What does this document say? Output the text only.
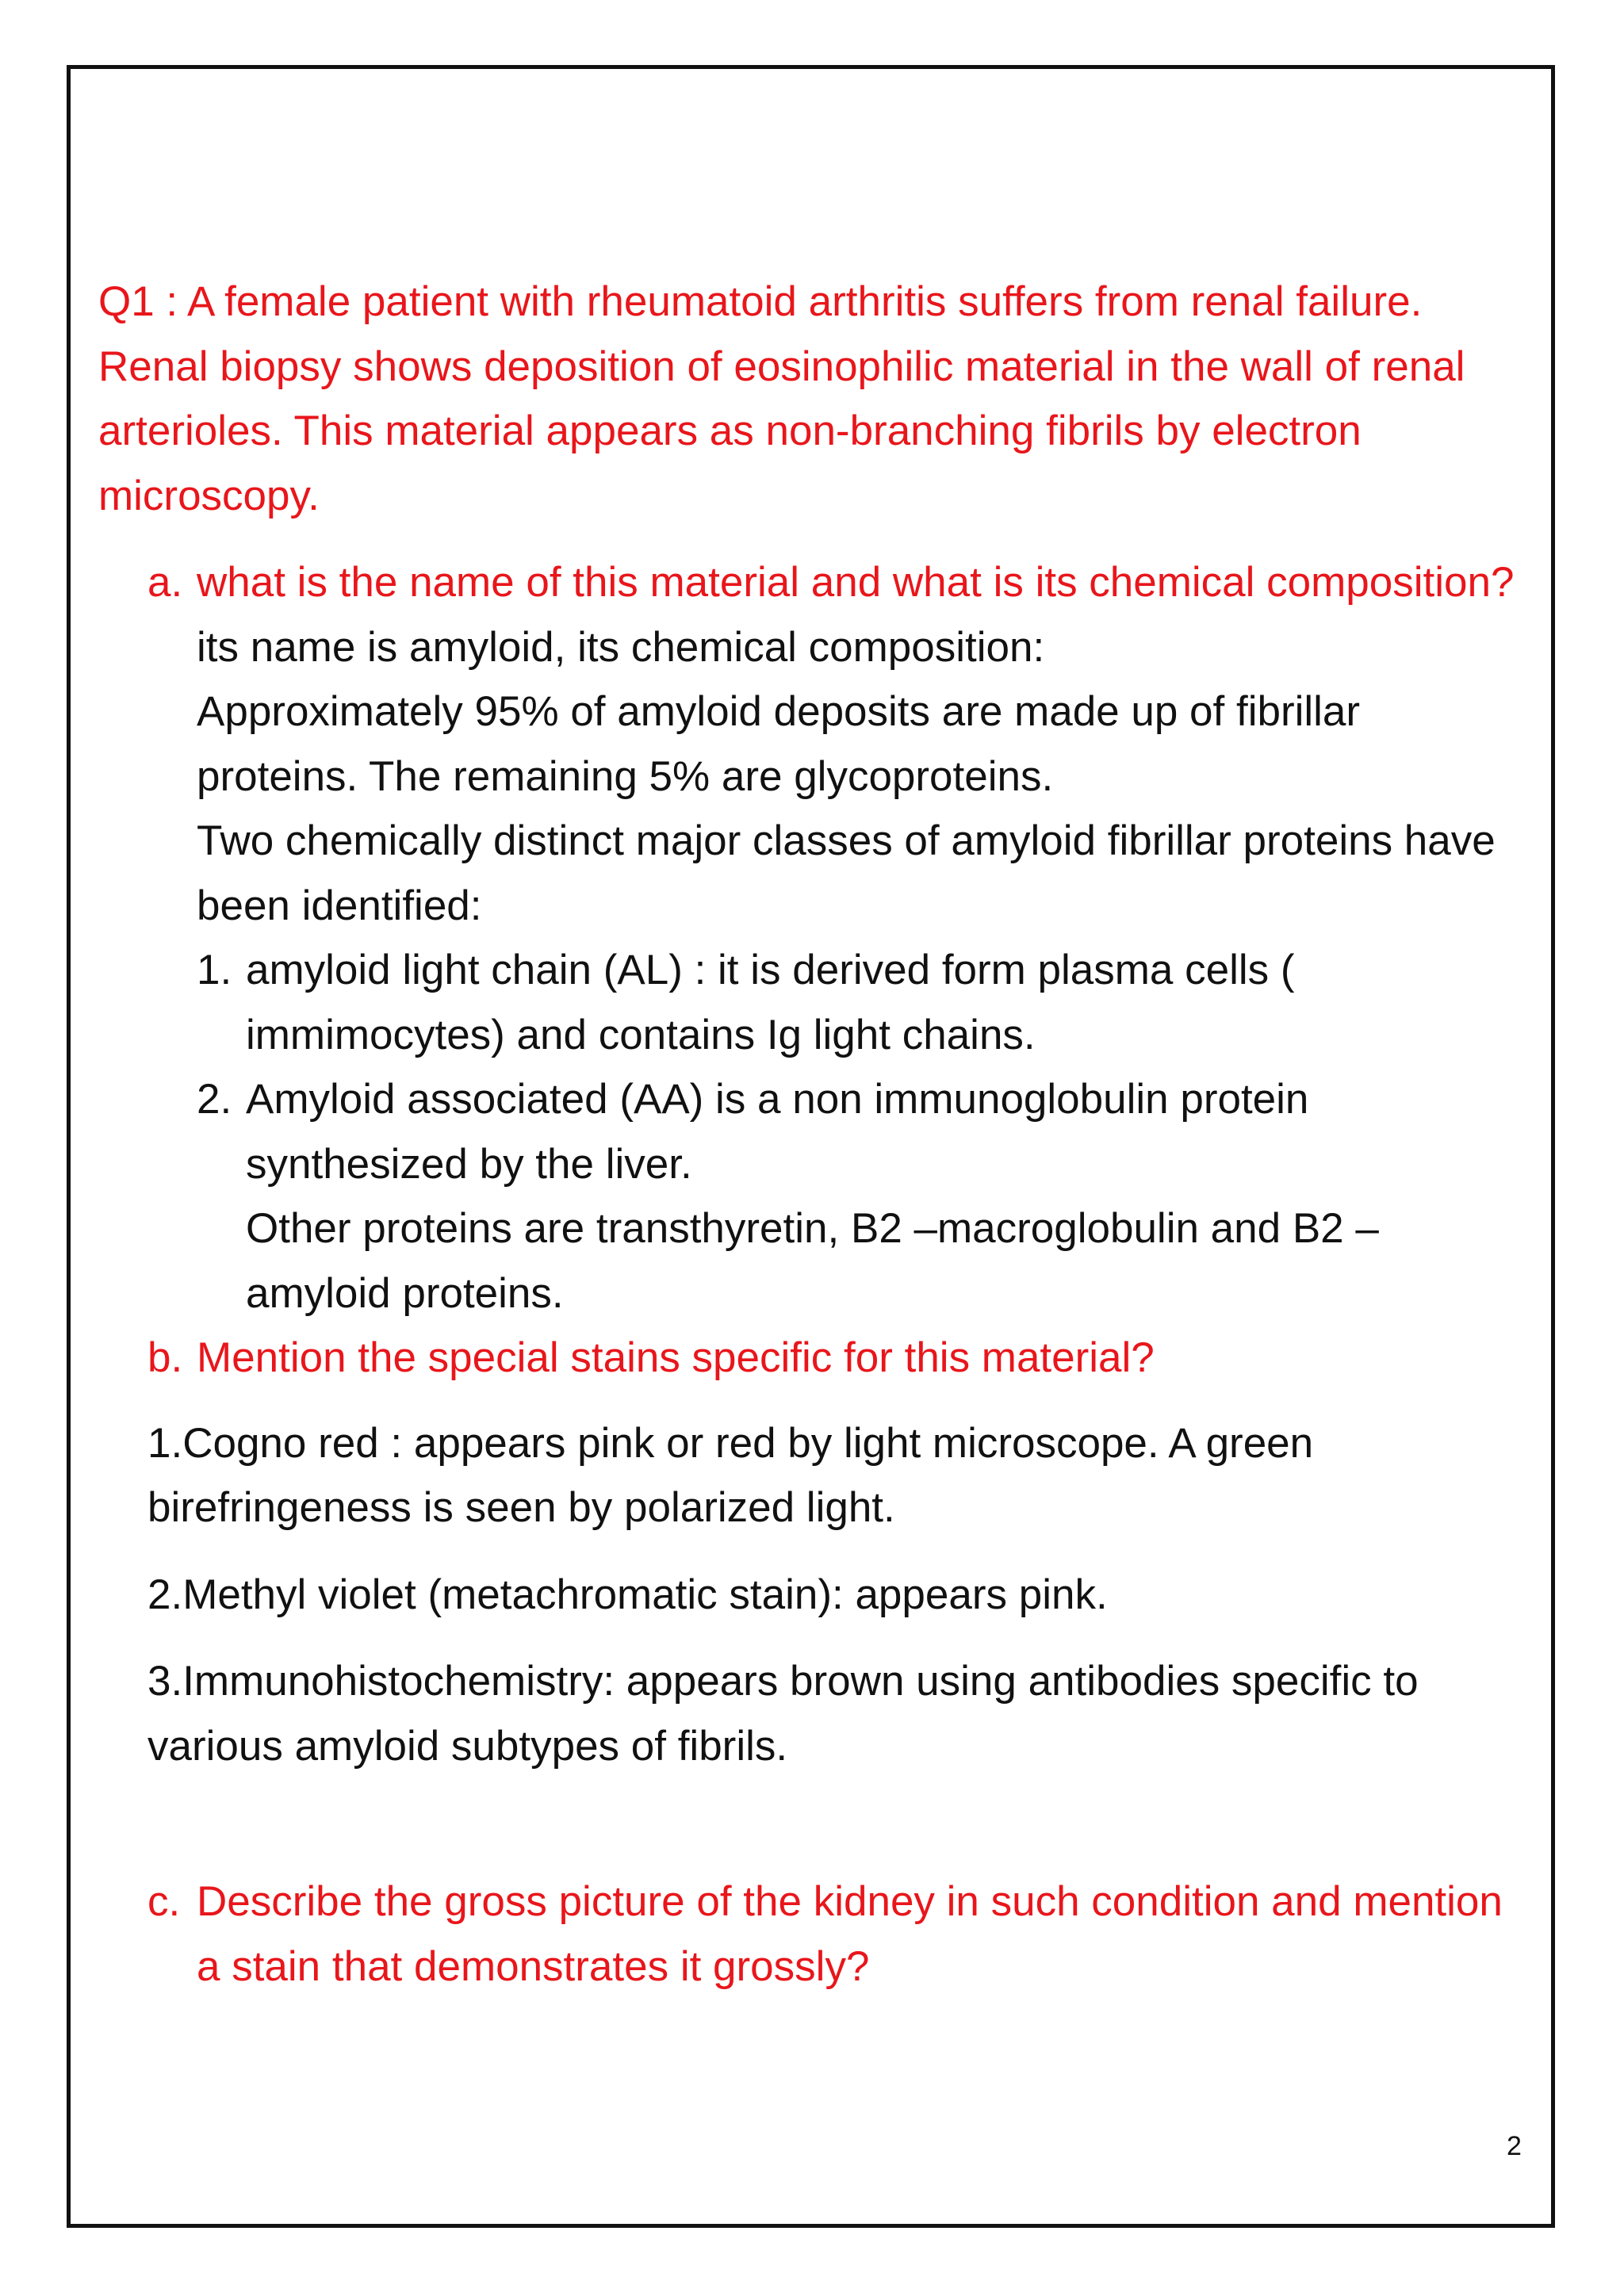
Q1 : A female patient with rheumatoid arthritis suffers from renal failure. Renal biopsy shows deposition of eosinophilic material in the wall of renal arterioles. This material appears as non-branching fibrils by electron microscopy.

a. what is the name of this material and what is its chemical composition?

its name is amyloid, its chemical composition:

Approximately 95% of amyloid deposits are made up of fibrillar proteins. The remaining 5% are glycoproteins.

Two chemically distinct major classes of amyloid fibrillar proteins have been identified:

1. amyloid light chain (AL) : it is derived form plasma cells ( immimocytes) and contains Ig light chains.
2. Amyloid associated (AA) is a non immunoglobulin protein synthesized by the liver.

Other proteins are transthyretin, B2 –macroglobulin and B2 – amyloid proteins.

b. Mention the special stains specific for this material?

1.Cogno red : appears pink or red by light microscope. A green birefringeness is seen by polarized light.

2.Methyl violet (metachromatic stain): appears pink.

3.Immunohistochemistry: appears brown using antibodies specific to various amyloid subtypes of fibrils.

c. Describe the gross picture of the kidney in such condition and mention a stain that demonstrates it grossly?
2
